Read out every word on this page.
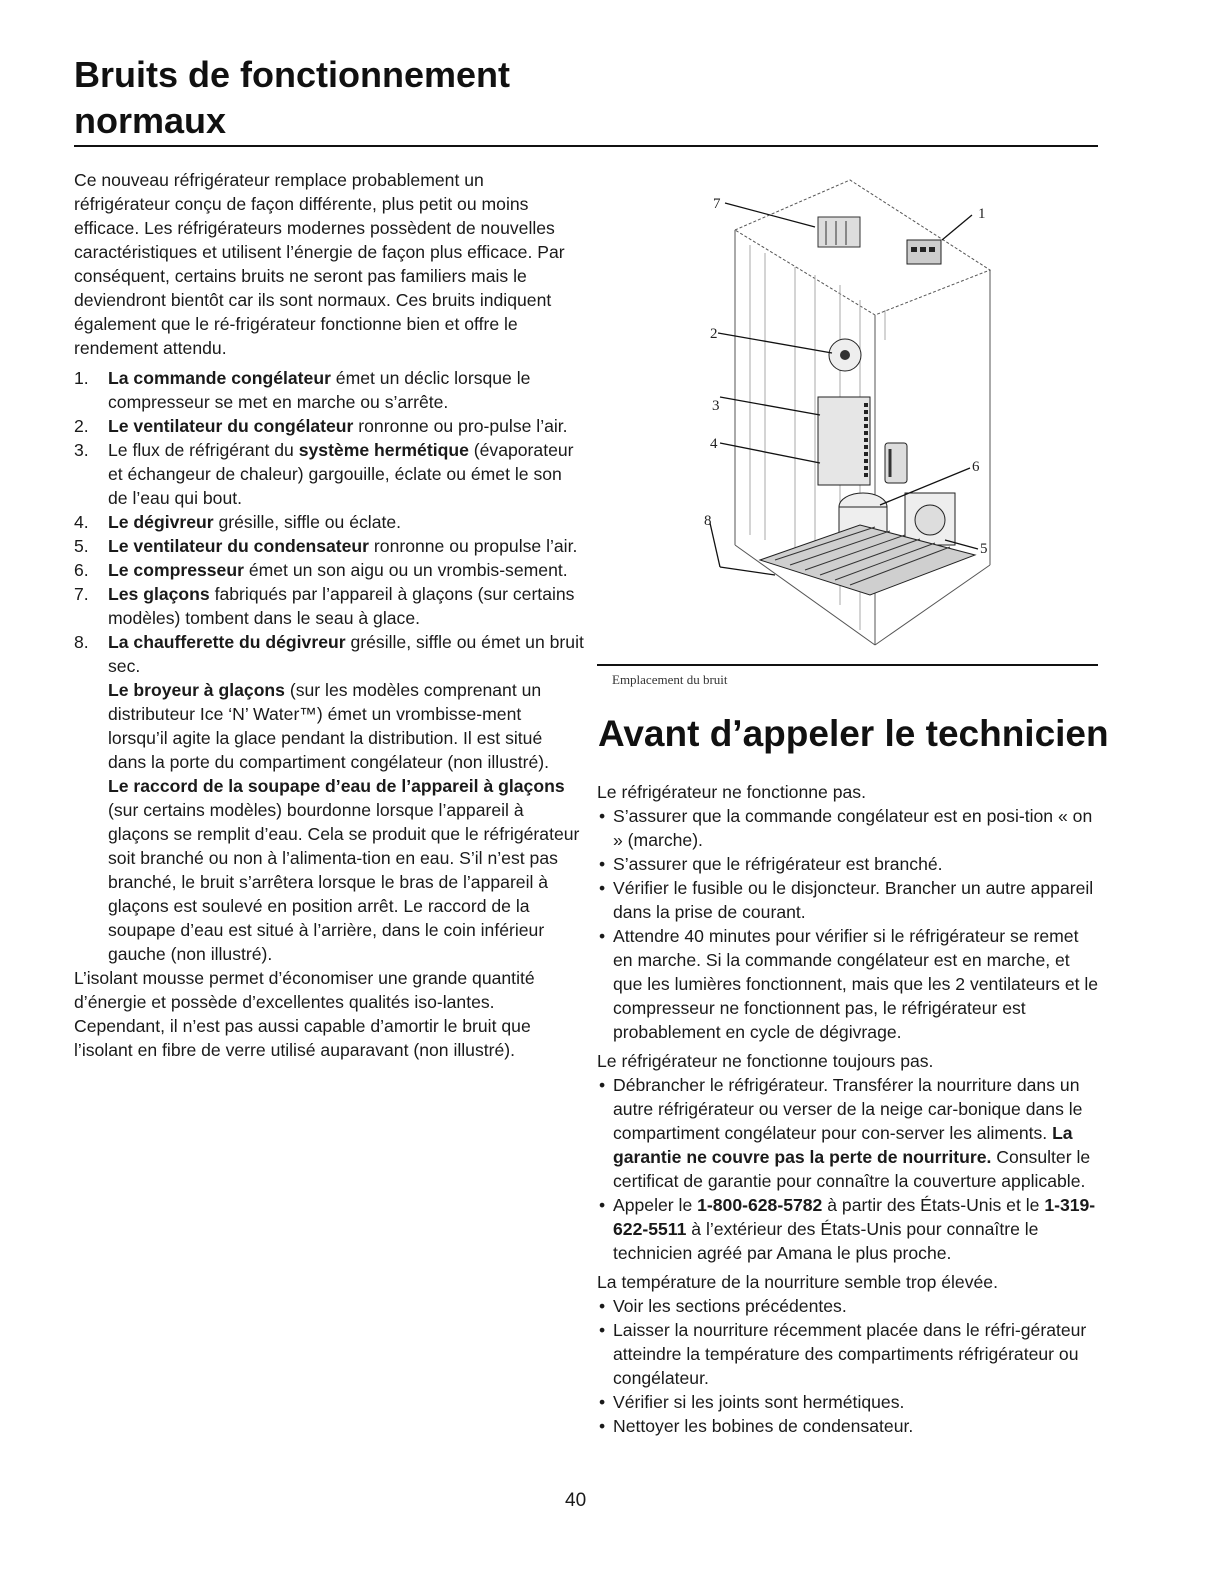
Bruits de fonctionnement normaux

Ce nouveau réfrigérateur remplace probablement un réfrigérateur conçu de façon différente, plus petit ou moins efficace. Les réfrigérateurs modernes possèdent de nouvelles caractéristiques et utilisent l’énergie de façon plus efficace. Par conséquent, certains bruits ne seront pas familiers mais le deviendront bientôt car ils sont normaux. Ces bruits indiquent également que le ré-frigérateur fonctionne bien et offre le rendement attendu.

1. La commande congélateur émet un déclic lorsque le compresseur se met en marche ou s’arrête.
2. Le ventilateur du congélateur ronronne ou pro-pulse l’air.
3. Le flux de réfrigérant du système hermétique (évaporateur et échangeur de chaleur) gargouille, éclate ou émet le son de l’eau qui bout.
4. Le dégivreur grésille, siffle ou éclate.
5. Le ventilateur du condensateur ronronne ou propulse l’air.
6. Le compresseur émet un son aigu ou un vrombis-sement.
7. Les glaçons fabriqués par l’appareil à glaçons (sur certains modèles) tombent dans le seau à glace.
8. La chaufferette du dégivreur grésille, siffle ou émet un bruit sec.
Le broyeur à glaçons (sur les modèles comprenant un distributeur Ice ‘N’ Water™) émet un vrombisse-ment lorsqu’il agite la glace pendant la distribution. Il est situé dans la porte du compartiment congélateur (non illustré).
Le raccord de la soupape d’eau de l’appareil à glaçons (sur certains modèles) bourdonne lorsque l’appareil à glaçons se remplit d’eau. Cela se produit que le réfrigérateur soit branché ou non à l’alimenta-tion en eau. S’il n’est pas branché, le bruit s’arrêtera lorsque le bras de l’appareil à glaçons est soulevé en position arrêt. Le raccord de la soupape d’eau est situé à l’arrière, dans le coin inférieur gauche (non illustré).

L’isolant mousse permet d’économiser une grande quantité d’énergie et possède d’excellentes qualités iso-lantes. Cependant, il n’est pas aussi capable d’amortir le bruit que l’isolant en fibre de verre utilisé auparavant (non illustré).

7
1
2
3
4
6
5
8
Emplacement du bruit
Avant d’appeler le technicien

Le réfrigérateur ne fonctionne pas.

• S’assurer que la commande congélateur est en posi-tion « on » (marche).
• S’assurer que le réfrigérateur est branché.
• Vérifier le fusible ou le disjoncteur. Brancher un autre appareil dans la prise de courant.
• Attendre 40 minutes pour vérifier si le réfrigérateur se remet en marche. Si la commande congélateur est en marche, et que les lumières fonctionnent, mais que les 2 ventilateurs et le compresseur ne fonctionnent pas, le réfrigérateur est probablement en cycle de dégivrage.

Le réfrigérateur ne fonctionne toujours pas.

• Débrancher le réfrigérateur. Transférer la nourriture dans un autre réfrigérateur ou verser de la neige car-bonique dans le compartiment congélateur pour con-server les aliments. La garantie ne couvre pas la perte de nourriture. Consulter le certificat de garantie pour connaître la couverture applicable.
• Appeler le 1-800-628-5782 à partir des États-Unis et le 1-319-622-5511 à l’extérieur des États-Unis pour connaître le technicien agréé par Amana le plus proche.

La température de la nourriture semble trop élevée.

• Voir les sections précédentes.
• Laisser la nourriture récemment placée dans le réfri-gérateur atteindre la température des compartiments réfrigérateur ou congélateur.
• Vérifier si les joints sont hermétiques.
• Nettoyer les bobines de condensateur.
40
